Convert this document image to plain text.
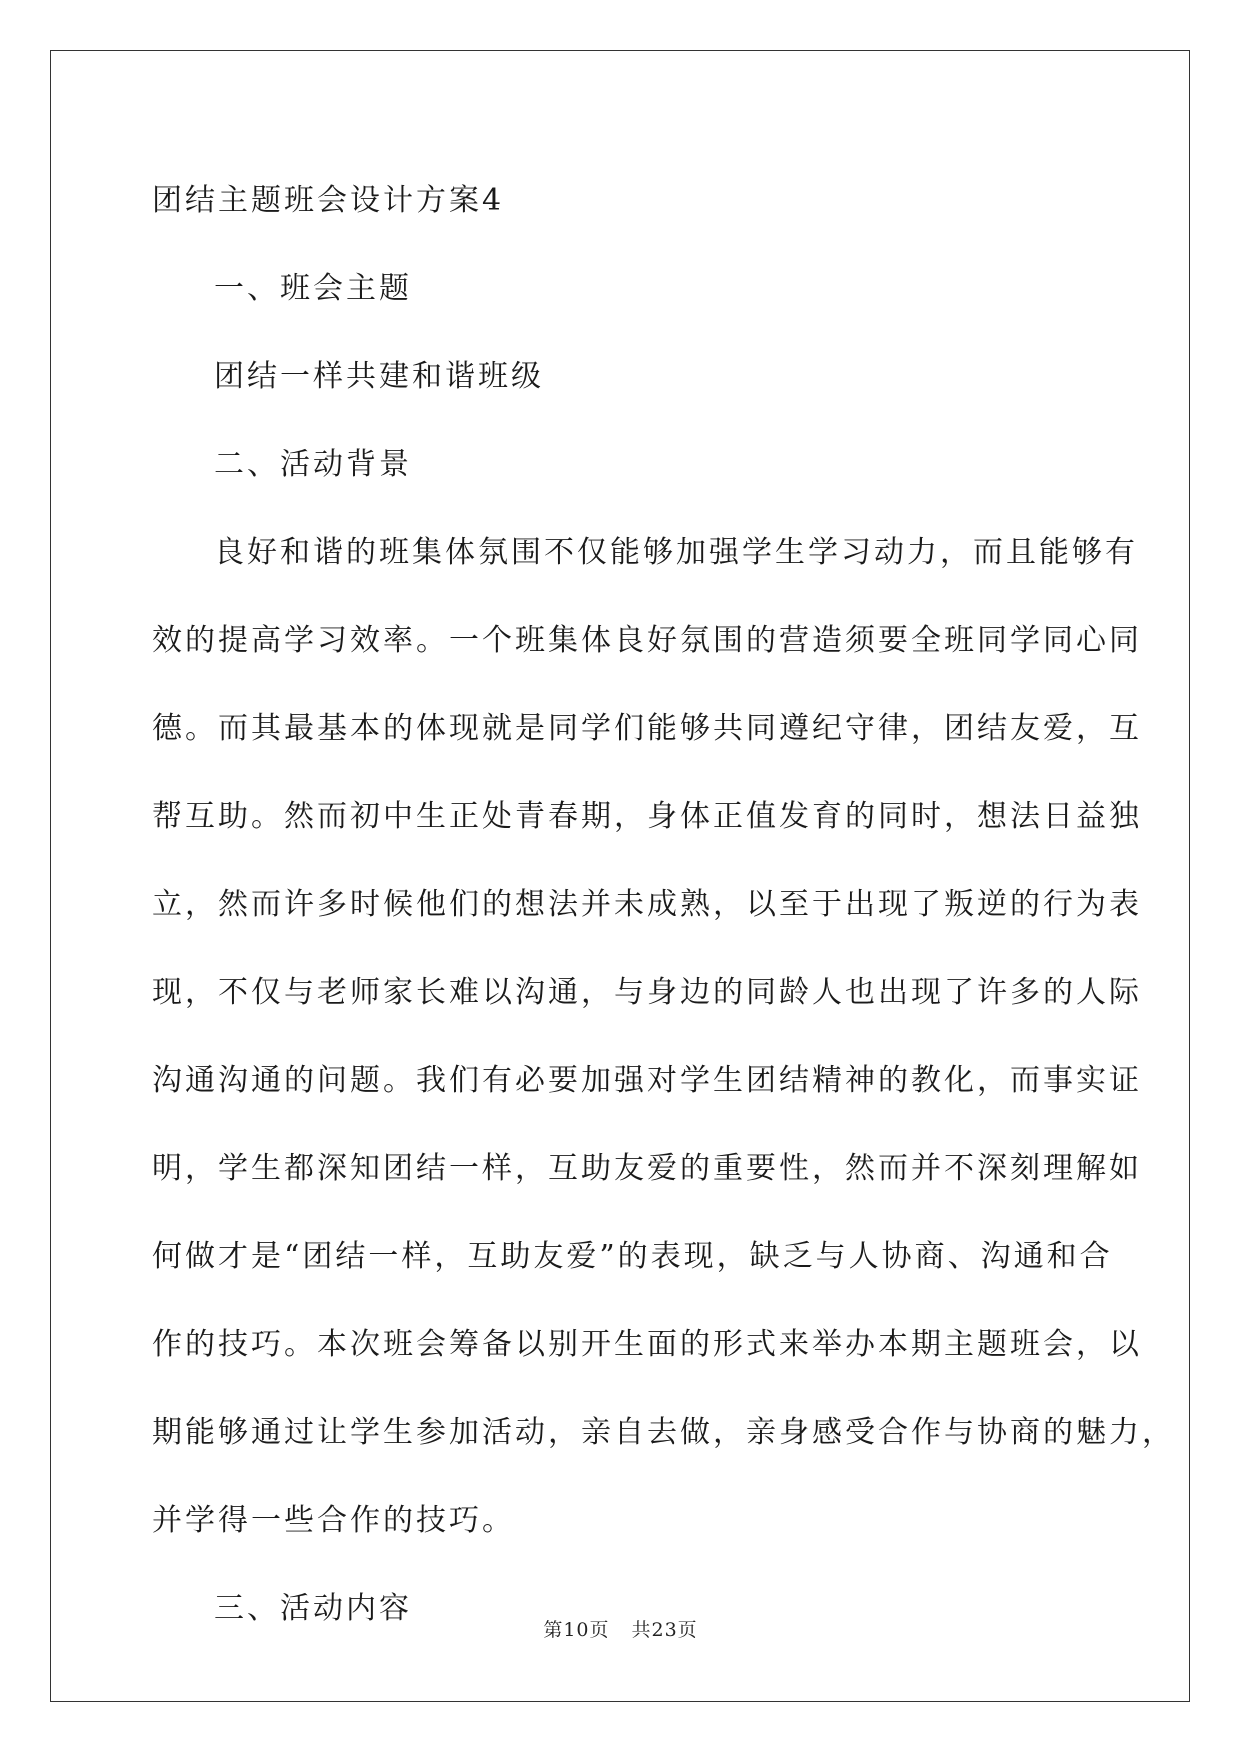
团结主题班会设计方案4
一、班会主题
团结一样共建和谐班级
二、活动背景
良好和谐的班集体氛围不仅能够加强学生学习动力，而且能够有
效的提高学习效率。一个班集体良好氛围的营造须要全班同学同心同
德。而其最基本的体现就是同学们能够共同遵纪守律，团结友爱，互
帮互助。然而初中生正处青春期，身体正值发育的同时，想法日益独
立，然而许多时候他们的想法并未成熟，以至于出现了叛逆的行为表
现，不仅与老师家长难以沟通，与身边的同龄人也出现了许多的人际
沟通沟通的问题。我们有必要加强对学生团结精神的教化，而事实证
明，学生都深知团结一样，互助友爱的重要性，然而并不深刻理解如
何做才是“团结一样，互助友爱”的表现，缺乏与人协商、沟通和合
作的技巧。本次班会筹备以别开生面的形式来举办本期主题班会，以
期能够通过让学生参加活动，亲自去做，亲身感受合作与协商的魅力，
并学得一些合作的技巧。
三、活动内容
第10页 共23页
